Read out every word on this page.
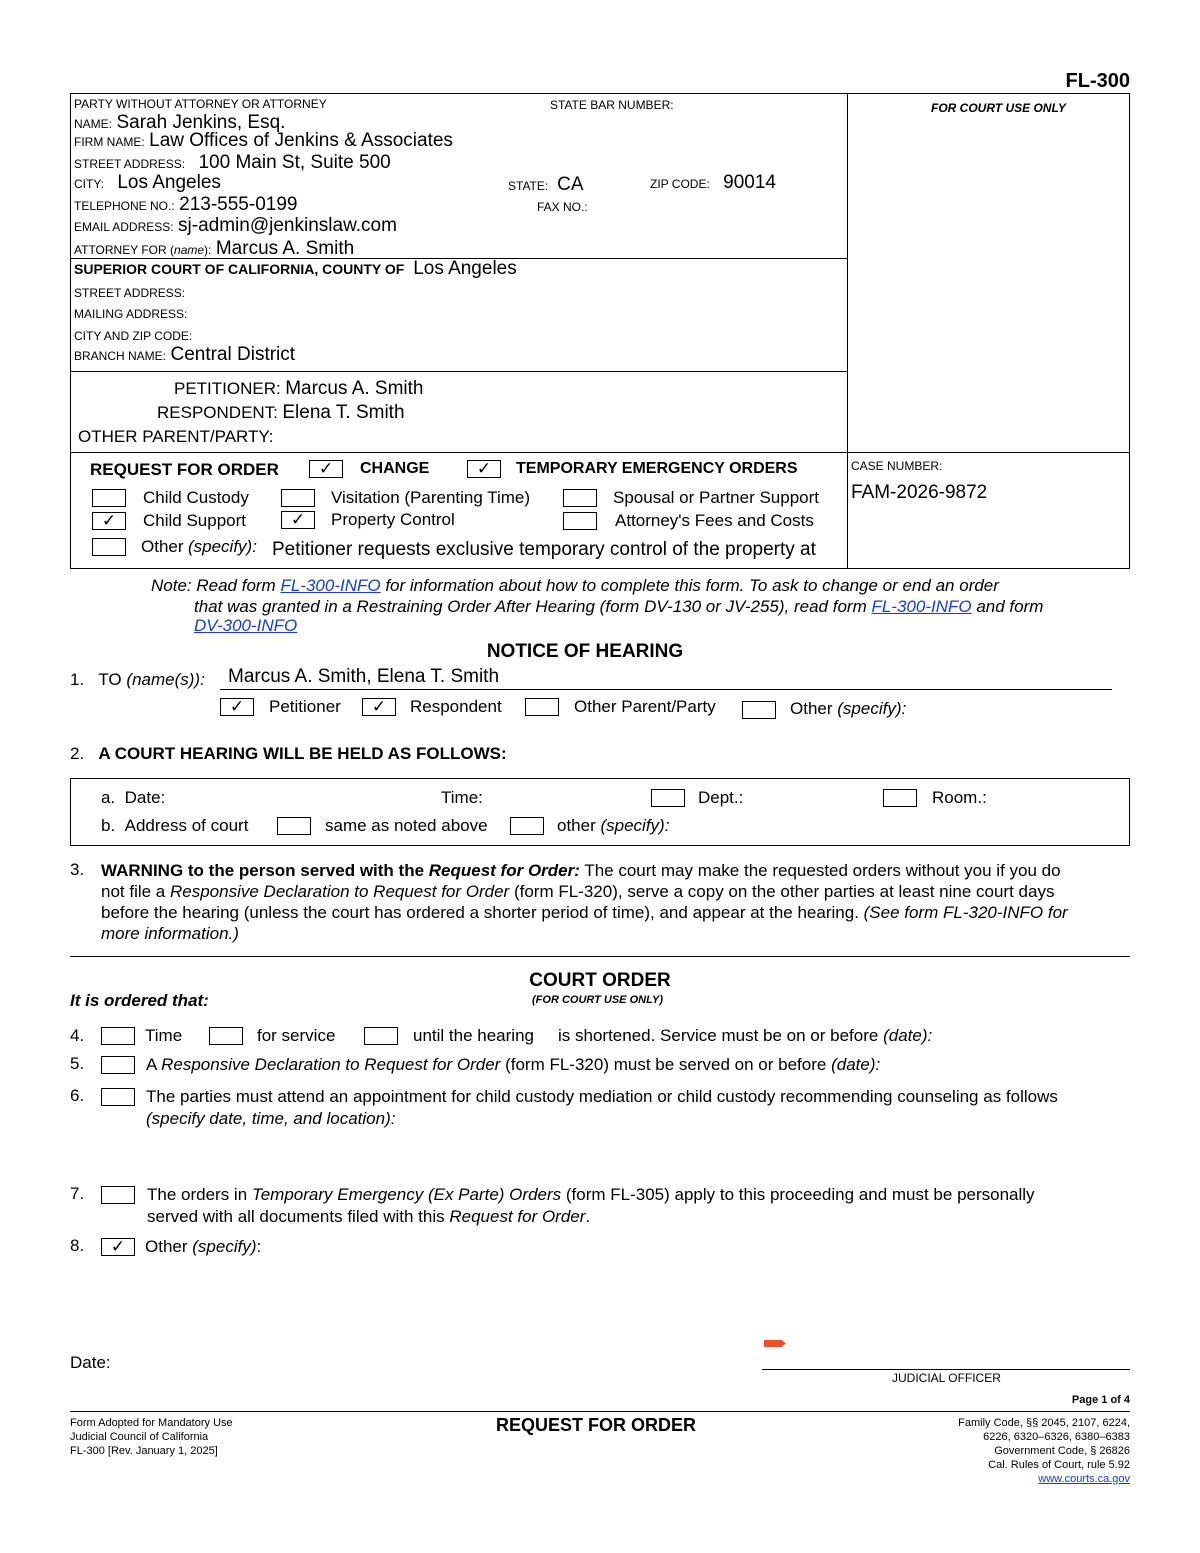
FL-300
PARTY WITHOUT ATTORNEY OR ATTORNEY	STATE BAR NUMBER:	FOR COURT USE ONLY
NAME: Sarah Jenkins, Esq.
FIRM NAME: Law Offices of Jenkins & Associates
STREET ADDRESS: 100 Main St, Suite 500
CITY: Los Angeles	STATE: CA	ZIP CODE: 90014
TELEPHONE NO.: 213-555-0199	FAX NO.:
EMAIL ADDRESS: sj-admin@jenkinslaw.com
ATTORNEY FOR (name): Marcus A. Smith
SUPERIOR COURT OF CALIFORNIA, COUNTY OF Los Angeles
STREET ADDRESS:
MAILING ADDRESS:
CITY AND ZIP CODE:
BRANCH NAME: Central District
PETITIONER: Marcus A. Smith
RESPONDENT: Elena T. Smith
OTHER PARENT/PARTY:
REQUEST FOR ORDER	✓	CHANGE	✓	TEMPORARY EMERGENCY ORDERS	CASE NUMBER:
FAM-2026-9872
Child Custody	Visitation (Parenting Time)	Spousal or Partner Support
✓	Child Support	✓	Property Control	Attorney's Fees and Costs
Other (specify): Petitioner requests exclusive temporary control of the property at
Note: Read form FL-300-INFO for information about how to complete this form. To ask to change or end an order
that was granted in a Restraining Order After Hearing (form DV-130 or JV-255), read form FL-300-INFO and form
DV-300-INFO
NOTICE OF HEARING
1. TO (name(s)): Marcus A. Smith, Elena T. Smith
✓	Petitioner	✓	Respondent	Other Parent/Party	Other (specify):
2. A COURT HEARING WILL BE HELD AS FOLLOWS:
a. Date:	Time:	Dept.:	Room.:
b. Address of court	same as noted above	other (specify):
3. WARNING to the person served with the Request for Order: The court may make the requested orders without you if you do
not file a Responsive Declaration to Request for Order (form FL-320), serve a copy on the other parties at least nine court days
before the hearing (unless the court has ordered a shorter period of time), and appear at the hearing. (See form FL-320-INFO for
more information.)
COURT ORDER
(FOR COURT USE ONLY)
It is ordered that:
4.	Time	for service	until the hearing is shortened. Service must be on or before (date):
5.	A Responsive Declaration to Request for Order (form FL-320) must be served on or before (date):
6.	The parties must attend an appointment for child custody mediation or child custody recommending counseling as follows
(specify date, time, and location):
7.	The orders in Temporary Emergency (Ex Parte) Orders (form FL-305) apply to this proceeding and must be personally
served with all documents filed with this Request for Order.
8.	✓	Other (specify):
Date:
JUDICIAL OFFICER
Page 1 of 4
Form Adopted for Mandatory Use
Judicial Council of California
FL-300 [Rev. January 1, 2025]
REQUEST FOR ORDER	Family Code, §§ 2045, 2107, 6224,
6226, 6320–6326, 6380–6383
Government Code, § 26826
Cal. Rules of Court, rule 5.92
www.courts.ca.gov
